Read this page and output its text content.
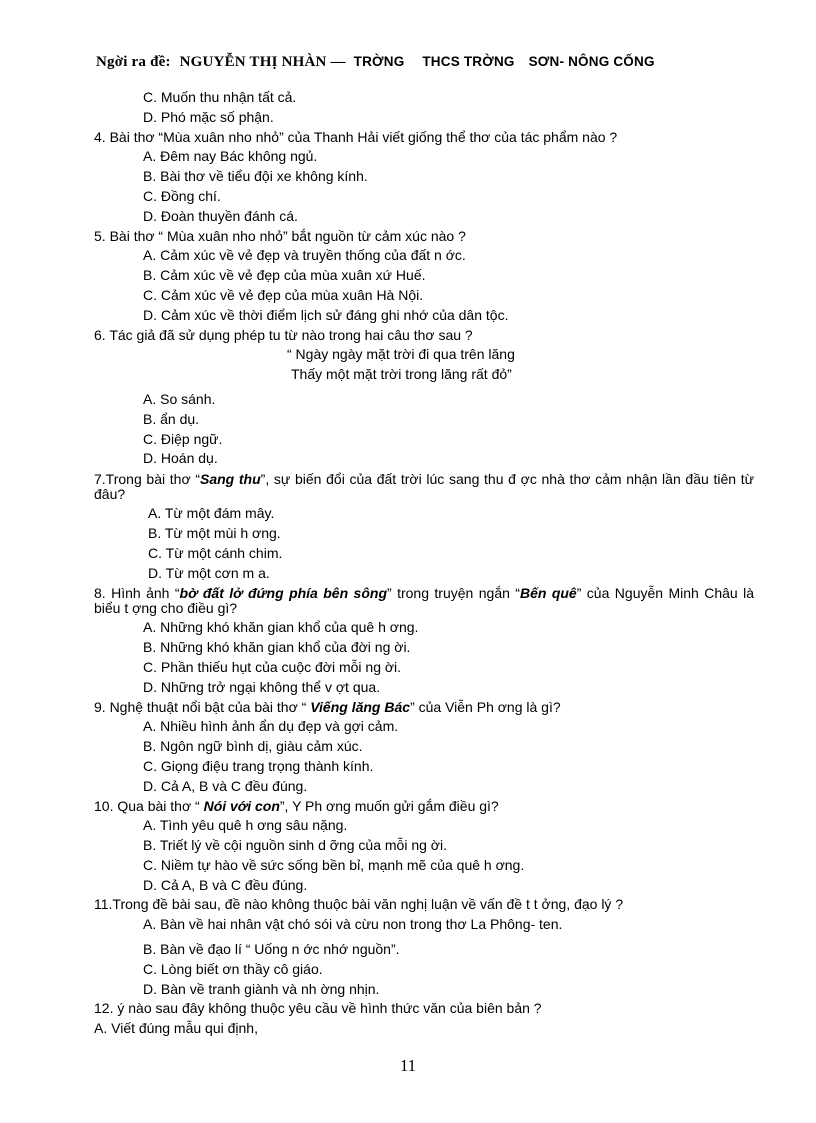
Ngời ra đề: NGUYỄN THỊ NHÀN — TRỜNG THCS TRỜNG SƠN- NÔNG CỐNG
C. Muốn thu nhận tất cả.
D. Phó mặc số phận.
4. Bài thơ “Mùa xuân nho nhỏ” của Thanh Hải viết giống thể thơ của tác phẩm nào ?
A. Đêm nay Bác không ngủ.
B. Bài thơ về tiểu đội xe không kính.
C. Đồng chí.
D. Đoàn thuyền đánh cá.
5. Bài thơ “ Mùa xuân nho nhỏ” bắt nguồn từ cảm xúc nào ?
A. Cảm xúc về vẻ đẹp và truyền thống của đất n ớc.
B. Cảm xúc về vẻ đẹp của mùa xuân xứ Huế.
C. Cảm xúc về vẻ đẹp của mùa xuân Hà Nội.
D. Cảm xúc về thời điểm lịch sử đáng ghi nhớ của dân tộc.
6. Tác giả đã sử dụng phép tu từ nào trong hai câu thơ sau ?
“ Ngày ngày mặt trời đi qua trên lăng
Thấy một mặt trời trong lăng rất đỏ”
A. So sánh.
B. ẩn dụ.
C. Điệp ngữ.
D. Hoán dụ.
7.Trong bài thơ “Sang thu”, sự biến đổi của đất trời lúc sang thu đ ợc nhà thơ cảm nhận lần đầu tiên từ đâu?
A. Từ một đám mây.
B. Từ một mùi h ơng.
C. Từ một cánh chim.
D. Từ một cơn m a.
8. Hình ảnh “bờ đất lở đứng phía bên sông” trong truyện ngắn “Bến quê” của Nguyễn Minh Châu là biểu t ợng cho điều gì?
A. Những khó khăn gian khổ của quê h ơng.
B. Những khó khăn gian khổ của đời ng ời.
C. Phần thiếu hụt của cuộc đời mỗi ng ời.
D. Những trở ngại không thể v ợt qua.
9. Nghệ thuật nổi bật của bài thơ “ Viếng lăng Bác” của Viễn Ph ơng là gì?
A. Nhiều hình ảnh ẩn dụ đẹp và gợi cảm.
B. Ngôn ngữ bình dị, giàu cảm xúc.
C. Giọng điệu trang trọng thành kính.
D. Cả A, B và C đều đúng.
10. Qua bài thơ “ Nói với con”, Y Ph ơng muốn gửi gắm điều gì?
A. Tình yêu quê h ơng sâu nặng.
B. Triết lý về cội nguồn sinh d ỡng của mỗi ng ời.
C. Niềm tự hào về sức sống bền bỉ, mạnh mẽ của quê h ơng.
D. Cả A, B và C đều đúng.
11.Trong đề bài sau, đề nào không thuộc bài văn nghị luận về vấn đề t t ởng, đạo lý ?
A. Bàn về hai nhân vật chó sói và cừu non trong thơ La Phông- ten.
B. Bàn về đạo lí “ Uống n ớc nhớ nguồn”.
C. Lòng biết ơn thầy cô giáo.
D. Bàn về tranh giành và nh ờng nhịn.
12. ý nào sau đây không thuộc yêu cầu về hình thức văn của biên bản ?
A. Viết đúng mẫu qui định,
11
